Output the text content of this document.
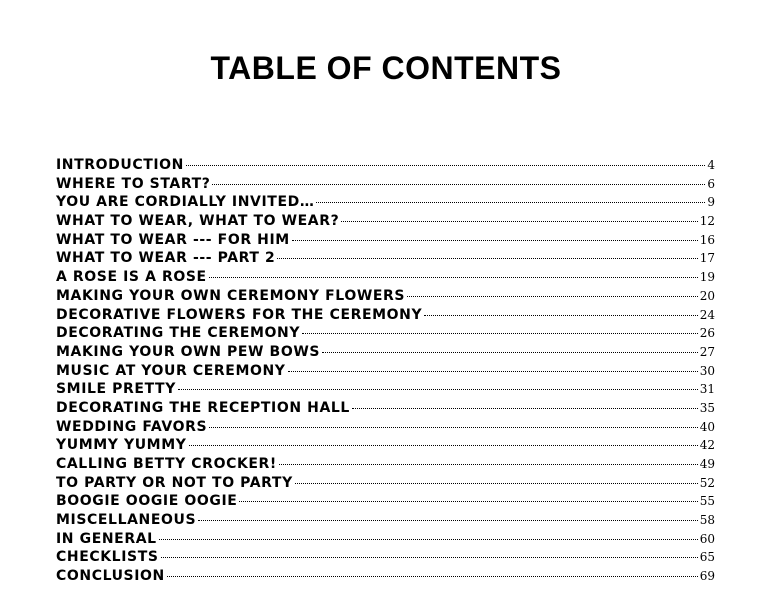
TABLE OF CONTENTS
INTRODUCTION	4
WHERE TO START?	6
YOU ARE CORDIALLY INVITED…	9
WHAT TO WEAR, WHAT TO WEAR?	12
WHAT TO WEAR --- FOR HIM	16
WHAT TO WEAR --- PART 2	17
A ROSE IS A ROSE	19
MAKING YOUR OWN CEREMONY FLOWERS	20
DECORATIVE FLOWERS FOR THE CEREMONY	24
DECORATING THE CEREMONY	26
MAKING YOUR OWN PEW BOWS	27
MUSIC AT YOUR CEREMONY	30
SMILE PRETTY	31
DECORATING THE RECEPTION HALL	35
WEDDING FAVORS	40
YUMMY YUMMY	42
CALLING BETTY CROCKER!	49
TO PARTY OR NOT TO PARTY	52
BOOGIE OOGIE OOGIE	55
MISCELLANEOUS	58
IN GENERAL	60
CHECKLISTS	65
CONCLUSION	69
